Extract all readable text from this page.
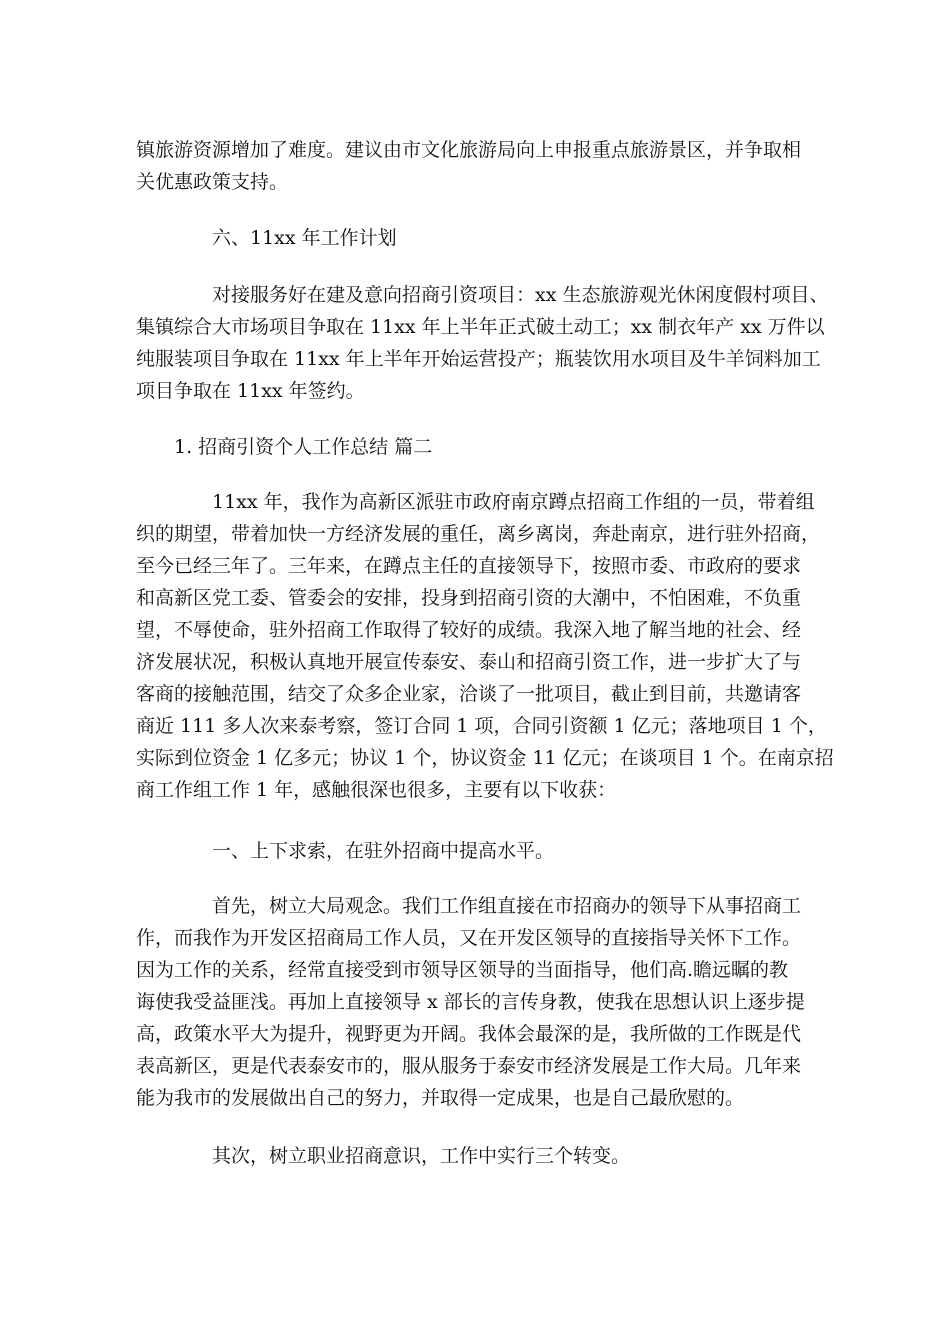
镇旅游资源增加了难度。建议由市文化旅游局向上申报重点旅游景区，并争取相
关优惠政策支持。
六、11xx 年工作计划
对接服务好在建及意向招商引资项目：xx 生态旅游观光休闲度假村项目、
集镇综合大市场项目争取在 11xx 年上半年正式破土动工；xx 制衣年产 xx 万件以
纯服装项目争取在 11xx 年上半年开始运营投产；瓶装饮用水项目及牛羊饲料加工
项目争取在 11xx 年签约。
1. 招商引资个人工作总结 篇二
11xx 年，我作为高新区派驻市政府南京蹲点招商工作组的一员，带着组
织的期望，带着加快一方经济发展的重任，离乡离岗，奔赴南京，进行驻外招商，
至今已经三年了。三年来，在蹲点主任的直接领导下，按照市委、市政府的要求
和高新区党工委、管委会的安排，投身到招商引资的大潮中，不怕困难，不负重
望，不辱使命，驻外招商工作取得了较好的成绩。我深入地了解当地的社会、经
济发展状况，积极认真地开展宣传泰安、泰山和招商引资工作，进一步扩大了与
客商的接触范围，结交了众多企业家，洽谈了一批项目，截止到目前，共邀请客
商近 111 多人次来泰考察，签订合同 1 项，合同引资额 1 亿元；落地项目 1 个，
实际到位资金 1 亿多元；协议 1 个，协议资金 11 亿元；在谈项目 1 个。在南京招
商工作组工作 1 年，感触很深也很多，主要有以下收获：
一、上下求索，在驻外招商中提高水平。
首先，树立大局观念。我们工作组直接在市招商办的领导下从事招商工
作，而我作为开发区招商局工作人员，又在开发区领导的直接指导关怀下工作。
因为工作的关系，经常直接受到市领导区领导的当面指导，他们高.瞻远瞩的教
诲使我受益匪浅。再加上直接领导 x 部长的言传身教，使我在思想认识上逐步提
高，政策水平大为提升，视野更为开阔。我体会最深的是，我所做的工作既是代
表高新区，更是代表泰安市的，服从服务于泰安市经济发展是工作大局。几年来
能为我市的发展做出自己的努力，并取得一定成果，也是自己最欣慰的。
其次，树立职业招商意识，工作中实行三个转变。
